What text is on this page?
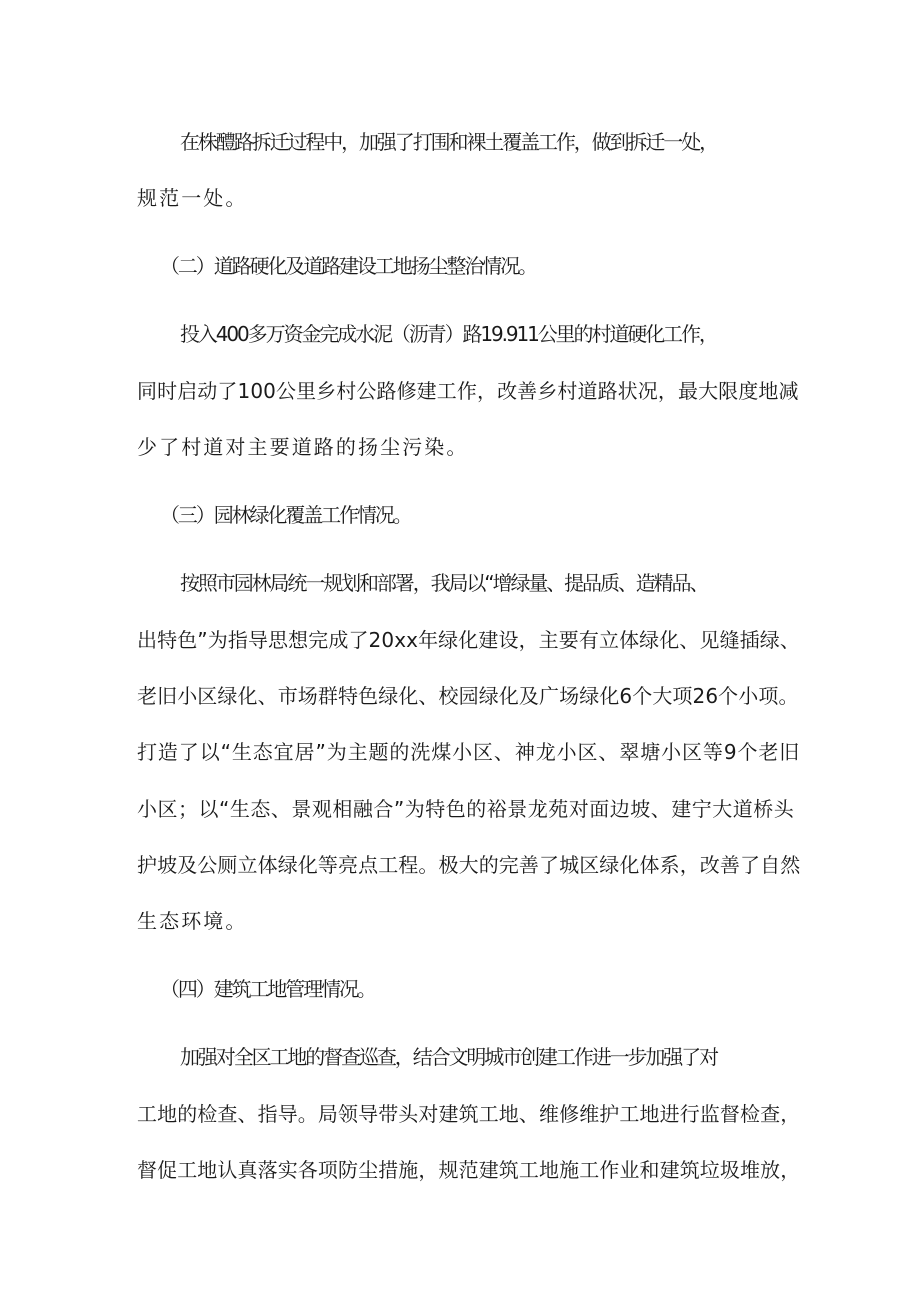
在株醴路拆迁过程中，加强了打围和裸土覆盖工作，做到拆迁一处，
规范一处。
（二）道路硬化及道路建设工地扬尘整治情况。
投入400多万资金完成水泥（沥青）路19.911公里的村道硬化工作，
同时启动了100公里乡村公路修建工作，改善乡村道路状况，最大限度地减
少了村道对主要道路的扬尘污染。
（三）园林绿化覆盖工作情况。
按照市园林局统一规划和部署，我局以“增绿量、提品质、造精品、
出特色”为指导思想完成了20xx年绿化建设，主要有立体绿化、见缝插绿、
老旧小区绿化、市场群特色绿化、校园绿化及广场绿化6个大项26个小项。
打造了以“生态宜居”为主题的洗煤小区、神龙小区、翠塘小区等9个老旧
小区；以“生态、景观相融合”为特色的裕景龙苑对面边坡、建宁大道桥头
护坡及公厕立体绿化等亮点工程。极大的完善了城区绿化体系，改善了自然
生态环境。
（四）建筑工地管理情况。
加强对全区工地的督查巡查，结合文明城市创建工作进一步加强了对
工地的检查、指导。局领导带头对建筑工地、维修维护工地进行监督检查，
督促工地认真落实各项防尘措施，规范建筑工地施工作业和建筑垃圾堆放，
